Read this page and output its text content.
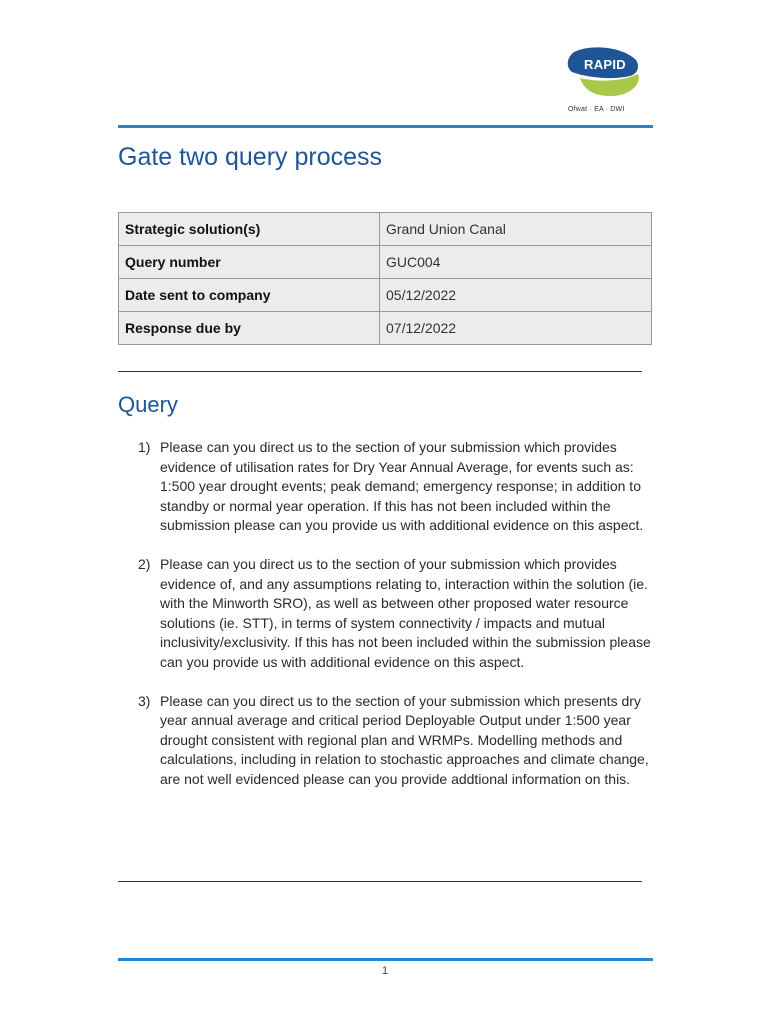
RAPID
Ofwat · EA · DWI
Gate two query process
Strategic solution(s)	Grand Union Canal
Query number	GUC004
Date sent to company	05/12/2022
Response due by	07/12/2022
Query
1) Please can you direct us to the section of your submission which provides evidence of utilisation rates for Dry Year Annual Average, for events such as: 1:500 year drought events; peak demand; emergency response; in addition to standby or normal year operation. If this has not been included within the submission please can you provide us with additional evidence on this aspect.
2) Please can you direct us to the section of your submission which provides evidence of, and any assumptions relating to, interaction within the solution (ie. with the Minworth SRO), as well as between other proposed water resource solutions (ie. STT), in terms of system connectivity / impacts and mutual inclusivity/exclusivity. If this has not been included within the submission please can you provide us with additional evidence on this aspect.
3) Please can you direct us to the section of your submission which presents dry year annual average and critical period Deployable Output under 1:500 year drought consistent with regional plan and WRMPs. Modelling methods and calculations, including in relation to stochastic approaches and climate change, are not well evidenced please can you provide addtional information on this.
1
